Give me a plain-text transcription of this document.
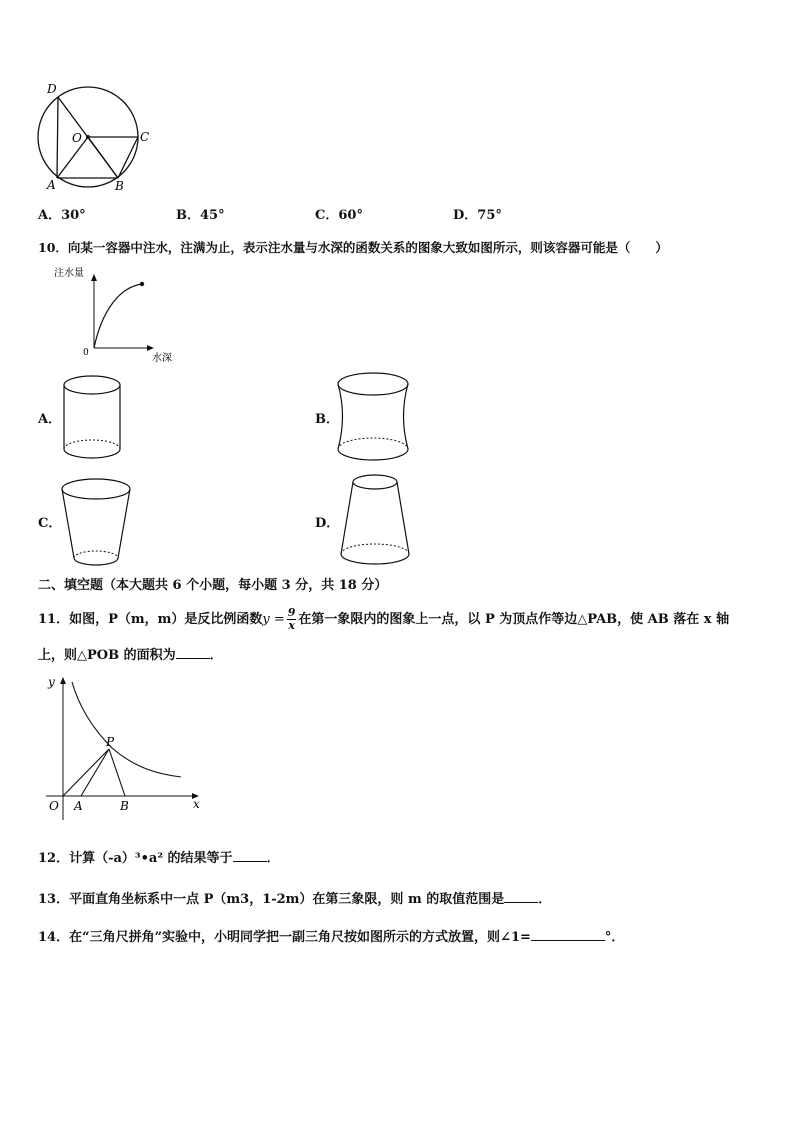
D
O	C
A	B
A．30°	B．45°	C．60°	D．75°
10．向某一容器中注水，注满为止，表示注水量与水深的函数关系的图象大致如图所示，则该容器可能是（　　）
注水量
水深
0
A．	B．
C．	D．
二、填空题（本大题共 6 个小题，每小题 3 分，共 18 分）
11．如图，P（m，m）是反比例函数$y = \frac{9}{x}$ 在第一象限内的图象上一点，以 P 为顶点作等边△PAB，使 AB 落在 x 轴
上，则△POB 的面积为	．
y
P
O A	B	x
12．计算（-a）³•a² 的结果等于	．
13．平面直角坐标系中一点 P（m3，1-2m）在第三象限，则 m 的取值范围是	．
14．在“三角尺拼角”实验中，小明同学把一副三角尺按如图所示的方式放置，则∠1=	°．
